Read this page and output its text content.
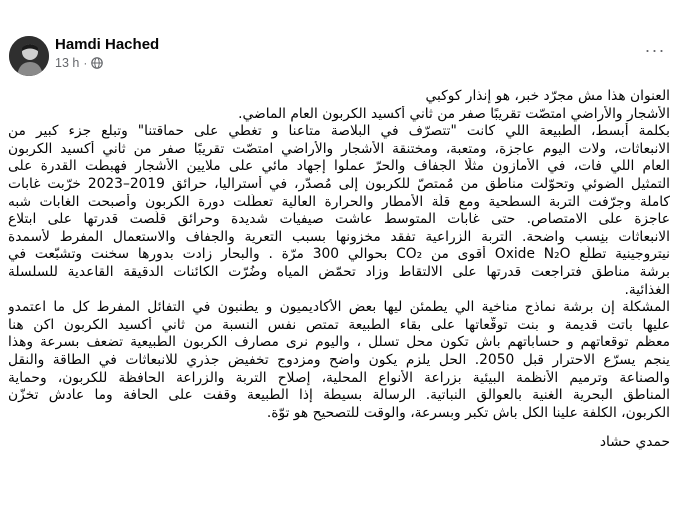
Hamdi Hached
13 h ·
···
العنوان هذا مش مجرّد خبر، هو إنذار كوكبي
الأشجار والأراضي امتصّت تقريبًا صفر من ثاني أكسيد الكربون العام الماضي.
بكلمة أبسط، الطبيعة اللي كانت "تتصرّف في البلاصة متاعنا و تغطي على حماقتنا" وتبلع جزء كبير من
الانبعاثات، ولات اليوم عاجزة، ومتعبة، ومختنقة الأشجار والأراضي امتصّت تقريبًا صفر من ثاني أكسيد الكربون
العام اللي فات، في الأمازون مثلًا الجفاف والحرّ عملوا إجهاد مائي على ملايين الأشجار فهبطت القدرة على
التمثيل الضوئي وتحوّلت مناطق من مُمتصّ للكربون إلى مُصدّر، في أستراليا، حرائق 2019–2023 خرّبت غابات
كاملة وجرّفت التربة السطحية ومع قلّة الأمطار والحرارة العالية تعطّلت دورة الكربون وأصبحت الغابات شبه
عاجزة على الامتصاص. حتى غابات المتوسط عاشت صيفيات شديدة وحرائق قلّصت قدرتها على ابتلاع
الانبعاثات بنِسب واضحة. التربة الزراعية تفقد مخزونها بسبب التعرية والجفاف والاستعمال المفرط لأسمدة
نيتروجينية تطلّع Oxide N₂O أقوى من CO₂ بحوالي 300 مرّة . والبحار زادت بدورها سخنت وتشبّعت في
برشة مناطق فتراجعت قدرتها على الالتقاط وزاد تحمّض المياه وضُرّت الكائنات الدقيقة القاعدية للسلسلة
الغذائية.
المشكلة إن برشة نماذج مناخية الي يطمئن ليها بعض الأكاديميون و يطنبون في التفائل المفرط كل ما اعتمدو
عليها باتت قديمة و بنت توقّعاتها على بقاء الطبيعة تمتص نفس النسبة من ثاني أكسيد الكربون اكن هنا
معظم توقعاتهم و حساباتهم باش تكون محل تسلل ، واليوم نرى مصارف الكربون الطبيعية تضعف بسرعة وهذا
ينجم يسرّع الاحترار قبل 2050. الحل يلزم يكون واضح ومزدوج تخفيض جذري للانبعاثات في الطاقة والنقل
والصناعة وترميم الأنظمة البيئية بزراعة الأنواع المحلية، إصلاح التربة والزراعة الحافظة للكربون، وحماية
المناطق البحرية الغنية بالعوالق النباتية. الرسالة بسيطة إذا الطبيعة وقفت على الحافة وما عادش تخزّن
الكربون، الكلفة علينا الكل باش تكبر وبسرعة، والوقت للتصحيح هو توّة.

حمدي حشاد
